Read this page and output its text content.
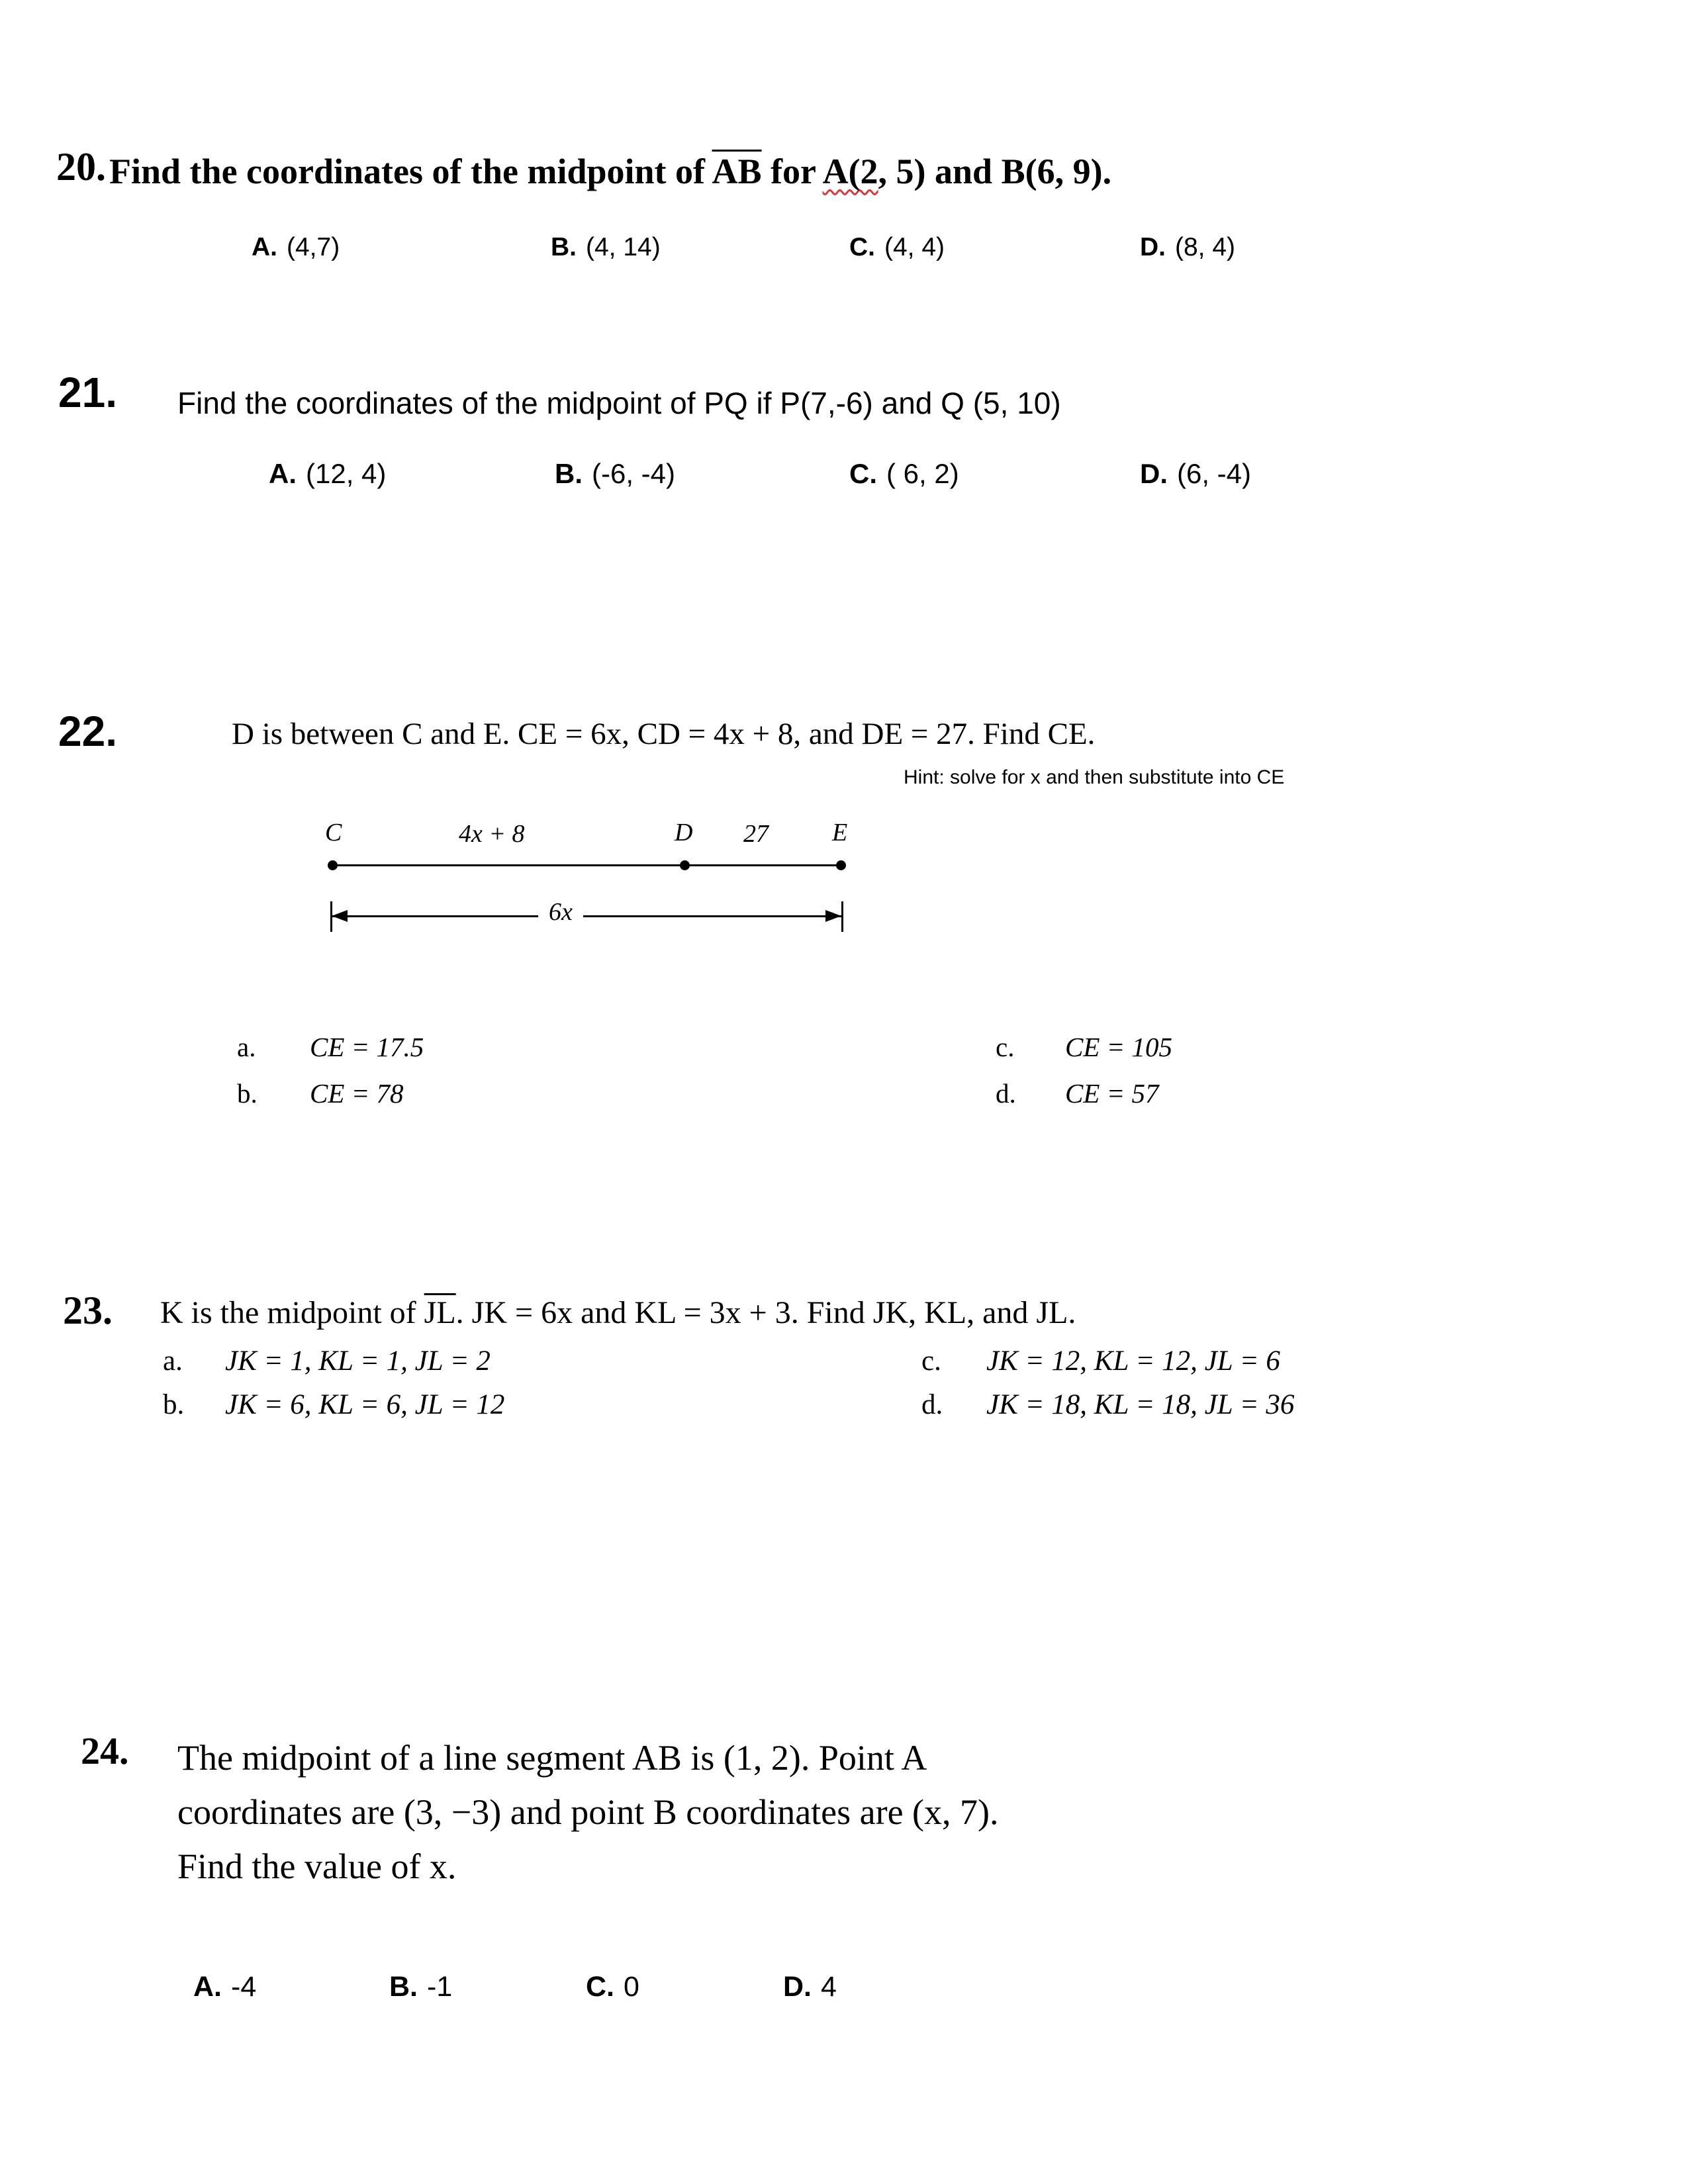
20. Find the coordinates of the midpoint of $\overline{AB}$ for A(2, 5) and B(6, 9).
A. (4,7)	B. (4, 14)	C. (4, 4)	D. (8, 4)
21. Find the coordinates of the midpoint of PQ if P(7,-6) and Q (5, 10)
A. (12, 4)	B. (-6, -4)	C. ( 6, 2)	D. (6, -4)
22.	D is between C and E. CE = 6x, CD = 4x + 8, and DE = 27. Find CE.
Hint: solve for x and then substitute into CE
C	4x + 8	D 27	E
6x
a. CE = 17.5
b. CE = 78
c. CE = 105
d. CE = 57
23. K is the midpoint of $\overline{JL}$. JK = 6x and KL = 3x + 3. Find JK, KL, and JL.
a. JK = 1, KL = 1, JL = 2
b. JK = 6, KL = 6, JL = 12
c. JK = 12, KL = 12, JL = 6
d. JK = 18, KL = 18, JL = 36
24. The midpoint of a line segment AB is (1, 2). Point A
coordinates are (3, −3) and point B coordinates are (x, 7).
Find the value of x.
A. -4	B. -1	C. 0	D. 4
